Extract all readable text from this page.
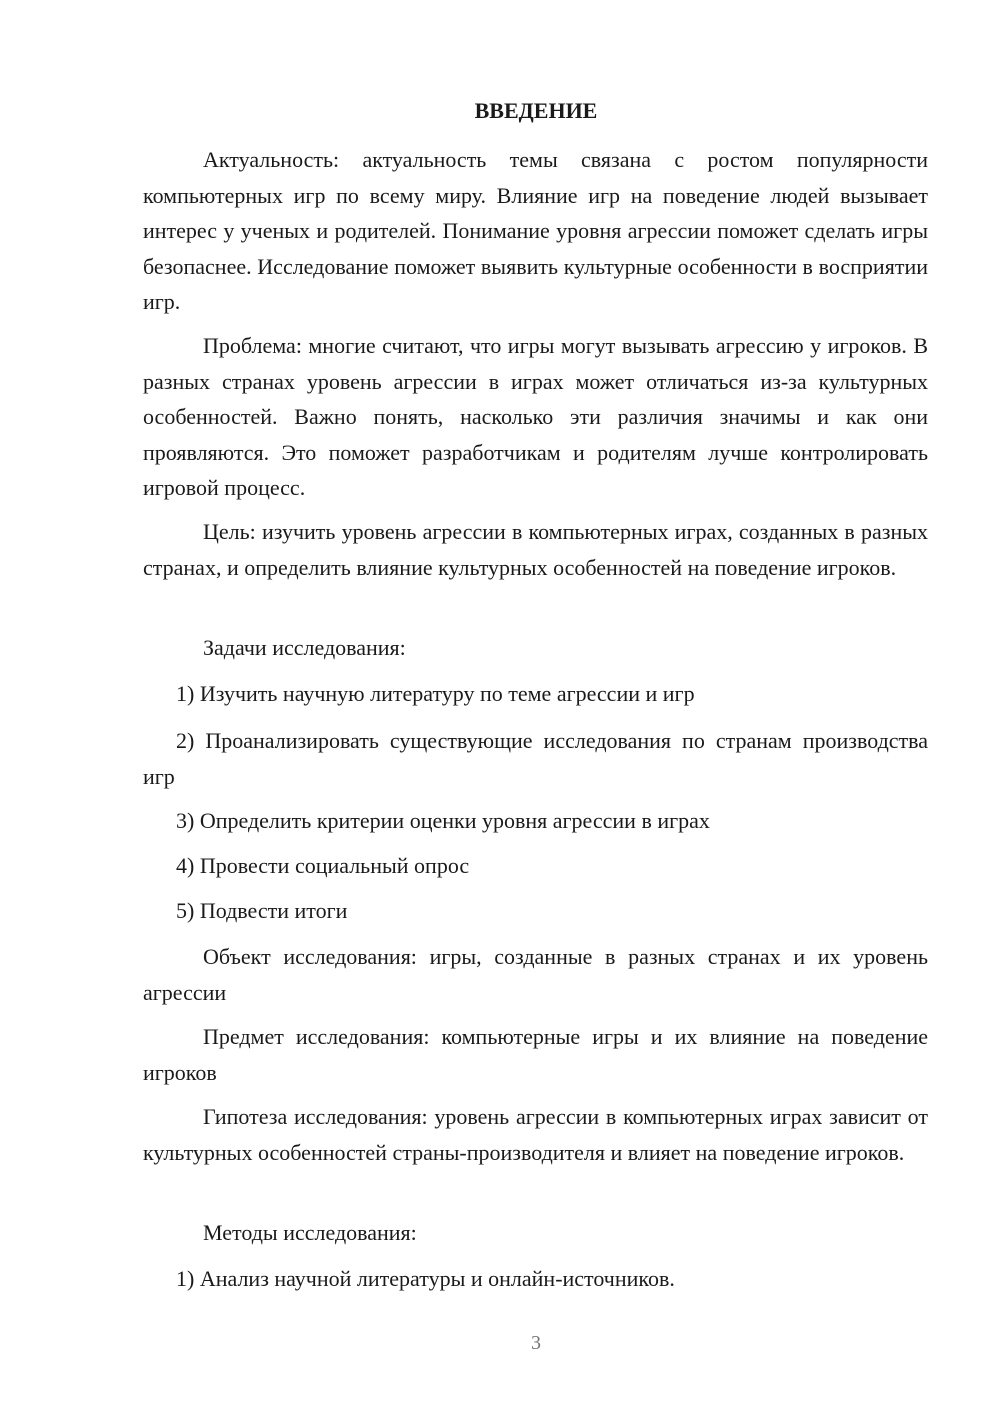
ВВЕДЕНИЕ
Актуальность: актуальность темы связана с ростом популярности компьютерных игр по всему миру. Влияние игр на поведение людей вызывает интерес у ученых и родителей. Понимание уровня агрессии поможет сделать игры безопаснее. Исследование поможет выявить культурные особенности в восприятии игр.
Проблема: многие считают, что игры могут вызывать агрессию у игроков. В разных странах уровень агрессии в играх может отличаться из-за культурных особенностей. Важно понять, насколько эти различия значимы и как они проявляются. Это поможет разработчикам и родителям лучше контролировать игровой процесс.
Цель: изучить уровень агрессии в компьютерных играх, созданных в разных странах, и определить влияние культурных особенностей на поведение игроков.
Задачи исследования:
1) Изучить научную литературу по теме агрессии и игр
2) Проанализировать существующие исследования по странам производства игр
3) Определить критерии оценки уровня агрессии в играх
4) Провести социальный опрос
5) Подвести итоги
Объект исследования: игры, созданные в разных странах и их уровень агрессии
Предмет исследования: компьютерные игры и их влияние на поведение игроков
Гипотеза исследования: уровень агрессии в компьютерных играх зависит от культурных особенностей страны-производителя и влияет на поведение игроков.
Методы исследования:
1) Анализ научной литературы и онлайн-источников.
3
